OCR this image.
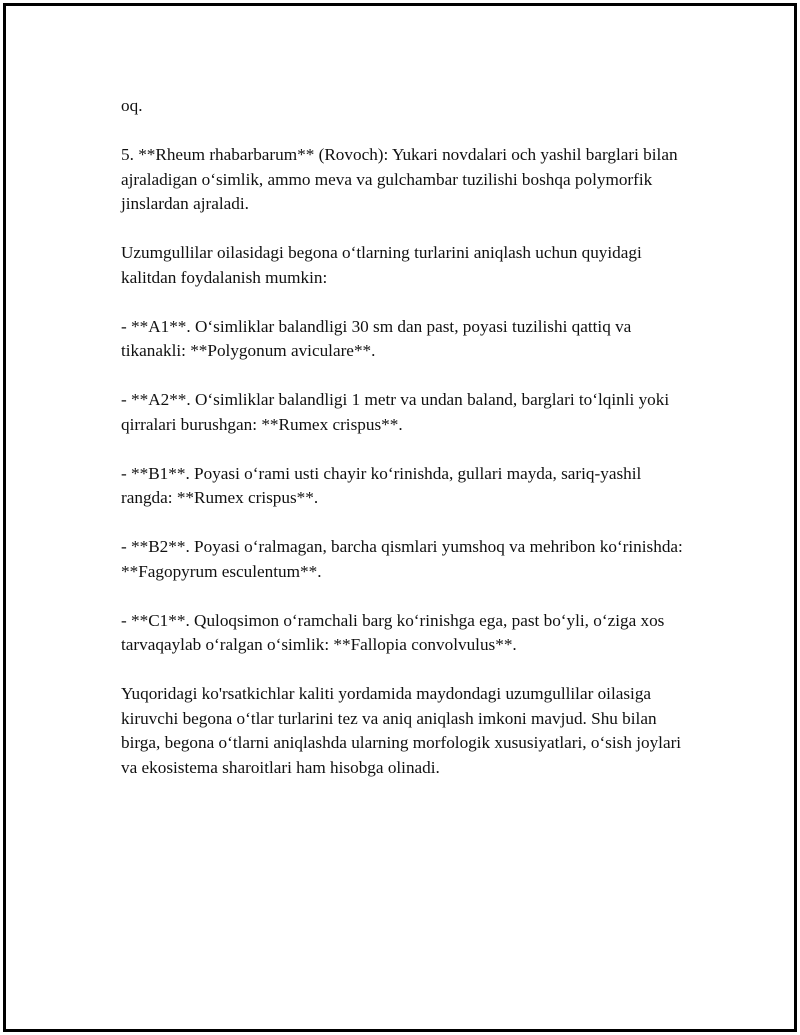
oq.

5. **Rheum rhabarbarum** (Rovoch): Yukari novdalari och yashil barglari bilan ajraladigan o‘simlik, ammo meva va gulchambar tuzilishi boshqa polymorfik jinslardan ajraladi.

Uzumgullilar oilasidagi begona o‘tlarning turlarini aniqlash uchun quyidagi kalitdan foydalanish mumkin:

- **A1**. O‘simliklar balandligi 30 sm dan past, poyasi tuzilishi qattiq va tikanakli: **Polygonum aviculare**.

- **A2**. O‘simliklar balandligi 1 metr va undan baland, barglari to‘lqinli yoki qirralari burushgan: **Rumex crispus**.

- **B1**. Poyasi o‘rami usti chayir ko‘rinishda, gullari mayda, sariq-yashil rangda: **Rumex crispus**.

- **B2**. Poyasi o‘ralmagan, barcha qismlari yumshoq va mehribon ko‘rinishda: **Fagopyrum esculentum**.

- **C1**. Quloqsimon o‘ramchali barg ko‘rinishga ega, past bo‘yli, o‘ziga xos tarvaqaylab o‘ralgan o‘simlik: **Fallopia convolvulus**.

Yuqoridagi ko'rsatkichlar kaliti yordamida maydondagi uzumgullilar oilasiga kiruvchi begona o‘tlar turlarini tez va aniq aniqlash imkoni mavjud. Shu bilan birga, begona o‘tlarni aniqlashda ularning morfologik xususiyatlari, o‘sish joylari va ekosistema sharoitlari ham hisobga olinadi.
